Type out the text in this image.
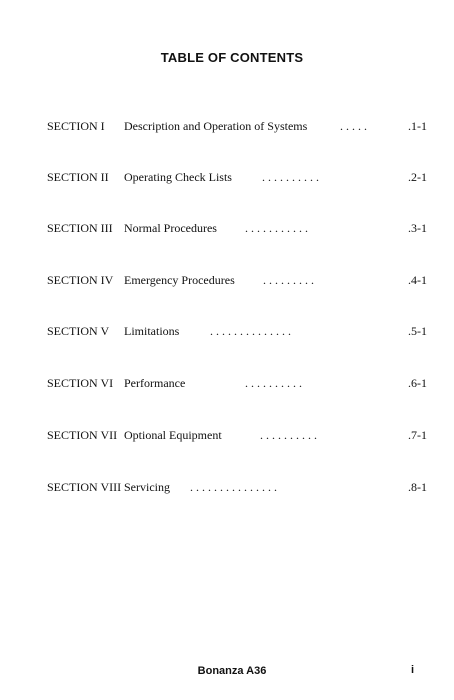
TABLE OF CONTENTS
SECTION I Description and Operation of Systems	. . . . .	.1-1
SECTION II Operating Check Lists	. . . . . . . . . .	.2-1
SECTION III Normal Procedures . . . . . . . . . . .	.3-1
SECTION IV Emergency Procedures . . . . . . . . .	.4-1
SECTION V Limitations	. . . . . . . . . . . . . .	.5-1
SECTION VI Performance	. . . . . . . . . .	.6-1
SECTION VII Optional Equipment	. . . . . . . . . .	.7-1
SECTION VIII Servicing . . . . . . . . . . . . . . .	.8-1
Bonanza A36	i
